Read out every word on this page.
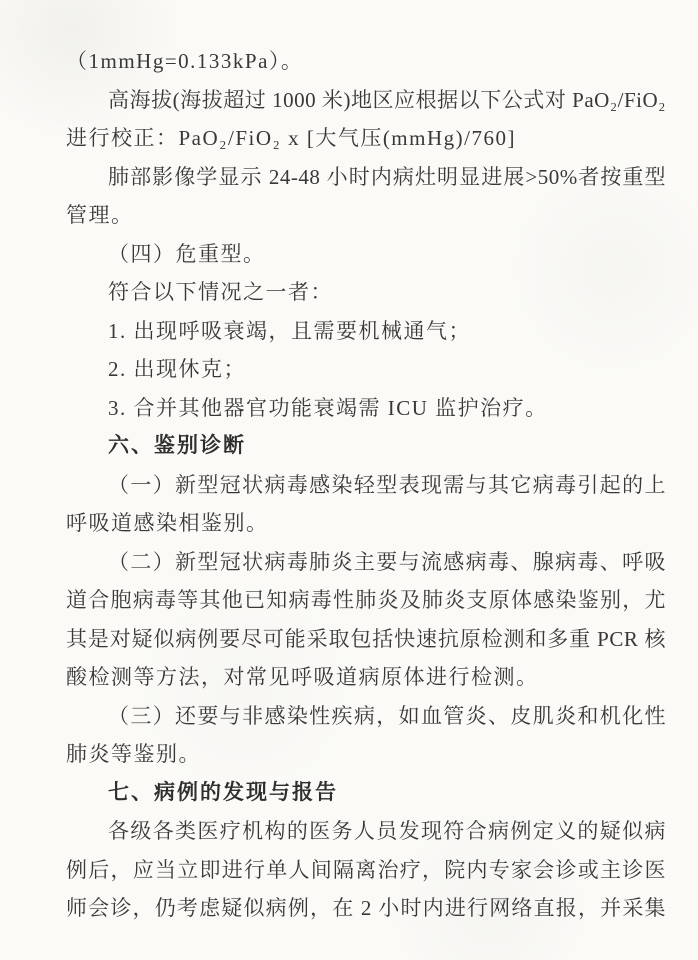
（1mmHg=0.133kPa）。
高海拔(海拔超过 1000 米)地区应根据以下公式对 PaO₂/FiO₂
进行校正：PaO₂/FiO₂ x [大气压(mmHg)/760]
肺部影像学显示 24-48 小时内病灶明显进展>50%者按重型
管理。
（四）危重型。
符合以下情况之一者：
1. 出现呼吸衰竭，且需要机械通气；
2. 出现休克；
3. 合并其他器官功能衰竭需 ICU 监护治疗。
六、鉴别诊断
（一）新型冠状病毒感染轻型表现需与其它病毒引起的上
呼吸道感染相鉴别。
（二）新型冠状病毒肺炎主要与流感病毒、腺病毒、呼吸
道合胞病毒等其他已知病毒性肺炎及肺炎支原体感染鉴别，尤
其是对疑似病例要尽可能采取包括快速抗原检测和多重 PCR 核
酸检测等方法，对常见呼吸道病原体进行检测。
（三）还要与非感染性疾病，如血管炎、皮肌炎和机化性
肺炎等鉴别。
七、病例的发现与报告
各级各类医疗机构的医务人员发现符合病例定义的疑似病
例后，应当立即进行单人间隔离治疗，院内专家会诊或主诊医
师会诊，仍考虑疑似病例，在 2 小时内进行网络直报，并采集
